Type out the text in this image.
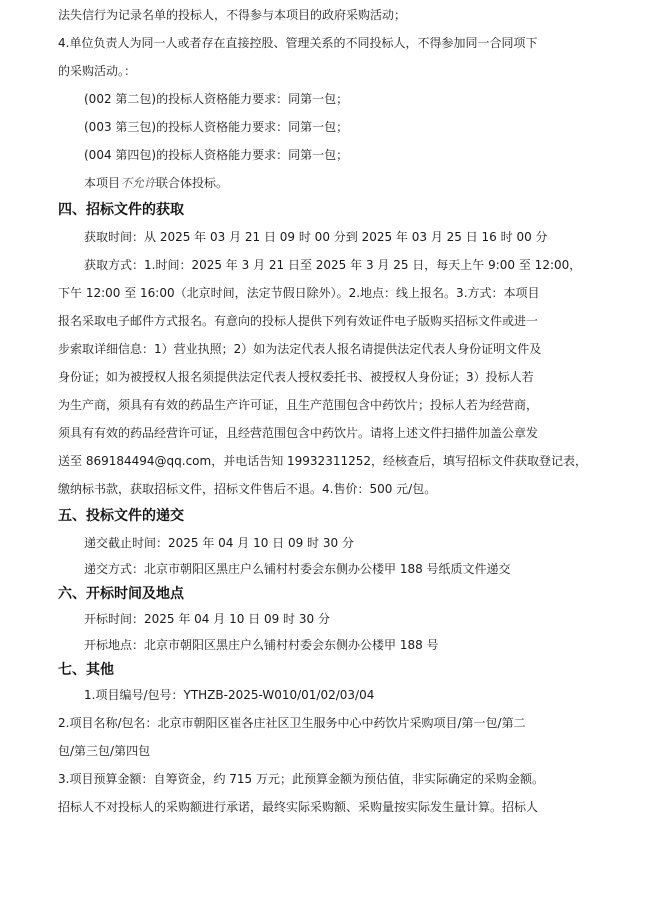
法失信行为记录名单的投标人，不得参与本项目的政府采购活动；
4.单位负责人为同一人或者存在直接控股、管理关系的不同投标人，不得参加同一合同项下
的采购活动。：
(002 第二包)的投标人资格能力要求：同第一包；
(003 第三包)的投标人资格能力要求：同第一包；
(004 第四包)的投标人资格能力要求：同第一包；
本项目不允许联合体投标。
四、招标文件的获取
获取时间：从 2025 年 03 月 21 日 09 时 00 分到 2025 年 03 月 25 日 16 时 00 分
获取方式：1.时间：2025 年 3 月 21 日至 2025 年 3 月 25 日，每天上午 9:00 至 12:00，
下午 12:00 至 16:00（北京时间，法定节假日除外）。2.地点：线上报名。3.方式：本项目
报名采取电子邮件方式报名。有意向的投标人提供下列有效证件电子版购买招标文件或进一
步索取详细信息：1）营业执照；2）如为法定代表人报名请提供法定代表人身份证明文件及
身份证；如为被授权人报名须提供法定代表人授权委托书、被授权人身份证；3）投标人若
为生产商，须具有有效的药品生产许可证，且生产范围包含中药饮片；投标人若为经营商，
须具有有效的药品经营许可证，且经营范围包含中药饮片。请将上述文件扫描件加盖公章发
送至 869184494@qq.com，并电话告知 19932311252，经核查后，填写招标文件获取登记表，
缴纳标书款，获取招标文件，招标文件售后不退。4.售价：500 元/包。
五、投标文件的递交
递交截止时间：2025 年 04 月 10 日 09 时 30 分
递交方式：北京市朝阳区黑庄户么铺村村委会东侧办公楼甲 188 号纸质文件递交
六、开标时间及地点
开标时间：2025 年 04 月 10 日 09 时 30 分
开标地点：北京市朝阳区黑庄户么铺村村委会东侧办公楼甲 188 号
七、其他
1.项目编号/包号：YTHZB-2025-W010/01/02/03/04
2.项目名称/包名：北京市朝阳区崔各庄社区卫生服务中心中药饮片采购项目/第一包/第二
包/第三包/第四包
3.项目预算金额：自筹资金，约 715 万元；此预算金额为预估值，非实际确定的采购金额。
招标人不对投标人的采购额进行承诺，最终实际采购额、采购量按实际发生量计算。招标人
